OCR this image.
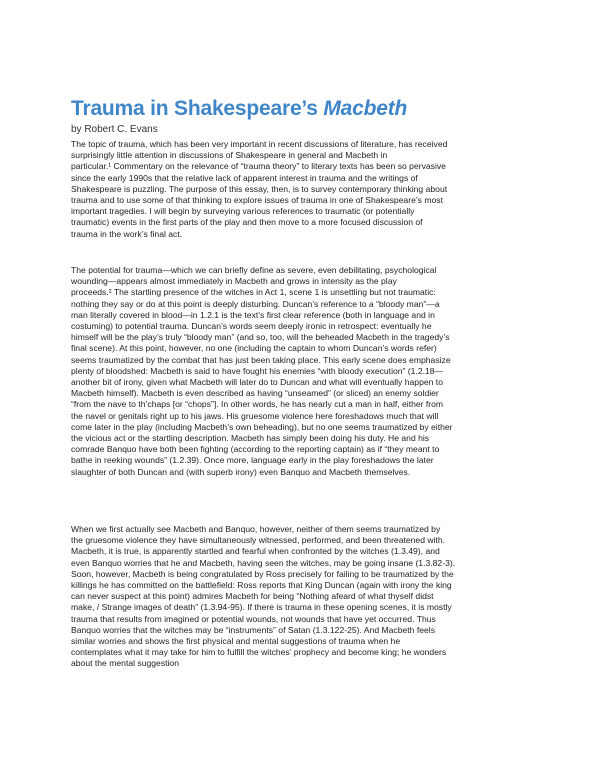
Trauma in Shakespeare’s Macbeth
by Robert C. Evans
The topic of trauma, which has been very important in recent discussions of literature, has received
surprisingly little attention in discussions of Shakespeare in general and Macbeth in
particular.¹ Commentary on the relevance of “trauma theory” to literary texts has been so pervasive
since the early 1990s that the relative lack of apparent interest in trauma and the writings of
Shakespeare is puzzling. The purpose of this essay, then, is to survey contemporary thinking about
trauma and to use some of that thinking to explore issues of trauma in one of Shakespeare’s most
important tragedies. I will begin by surveying various references to traumatic (or potentially
traumatic) events in the first parts of the play and then move to a more focused discussion of
trauma in the work’s final act.
The potential for trauma—which we can briefly define as severe, even debilitating, psychological
wounding—appears almost immediately in Macbeth and grows in intensity as the play
proceeds.² The startling presence of the witches in Act 1, scene 1 is unsettling but not traumatic:
nothing they say or do at this point is deeply disturbing. Duncan’s reference to a “bloody man”—a
man literally covered in blood—in 1.2.1 is the text’s first clear reference (both in language and in
costuming) to potential trauma. Duncan’s words seem deeply ironic in retrospect: eventually he
himself will be the play’s truly “bloody man” (and so, too, will the beheaded Macbeth in the tragedy’s
final scene). At this point, however, no one (including the captain to whom Duncan’s words refer)
seems traumatized by the combat that has just been taking place. This early scene does emphasize
plenty of bloodshed: Macbeth is said to have fought his enemies “with bloody execution” (1.2.18—
another bit of irony, given what Macbeth will later do to Duncan and what will eventually happen to
Macbeth himself). Macbeth is even described as having “unseamed” (or sliced) an enemy soldier
“from the nave to th’chaps [or “chops”]. In other words, he has nearly cut a man in half, either from
the navel or genitals right up to his jaws. His gruesome violence here foreshadows much that will
come later in the play (including Macbeth’s own beheading), but no one seems traumatized by either
the vicious act or the startling description. Macbeth has simply been doing his duty. He and his
comrade Banquo have both been fighting (according to the reporting captain) as if “they meant to
bathe in reeking wounds” (1.2.39). Once more, language early in the play foreshadows the later
slaughter of both Duncan and (with superb irony) even Banquo and Macbeth themselves.
When we first actually see Macbeth and Banquo, however, neither of them seems traumatized by
the gruesome violence they have simultaneously witnessed, performed, and been threatened with.
Macbeth, it is true, is apparently startled and fearful when confronted by the witches (1.3.49), and
even Banquo worries that he and Macbeth, having seen the witches, may be going insane (1.3.82-3).
Soon, however, Macbeth is being congratulated by Ross precisely for failing to be traumatized by the
killings he has committed on the battlefield: Ross reports that King Duncan (again with irony the king
can never suspect at this point) admires Macbeth for being “Nothing afeard of what thyself didst
make, / Strange images of death” (1.3.94-95). If there is trauma in these opening scenes, it is mostly
trauma that results from imagined or potential wounds, not wounds that have yet occurred. Thus
Banquo worries that the witches may be “instruments” of Satan (1.3.122-25). And Macbeth feels
similar worries and shows the first physical and mental suggestions of trauma when he
contemplates what it may take for him to fulfill the witches’ prophecy and become king; he wonders
about the mental suggestion
